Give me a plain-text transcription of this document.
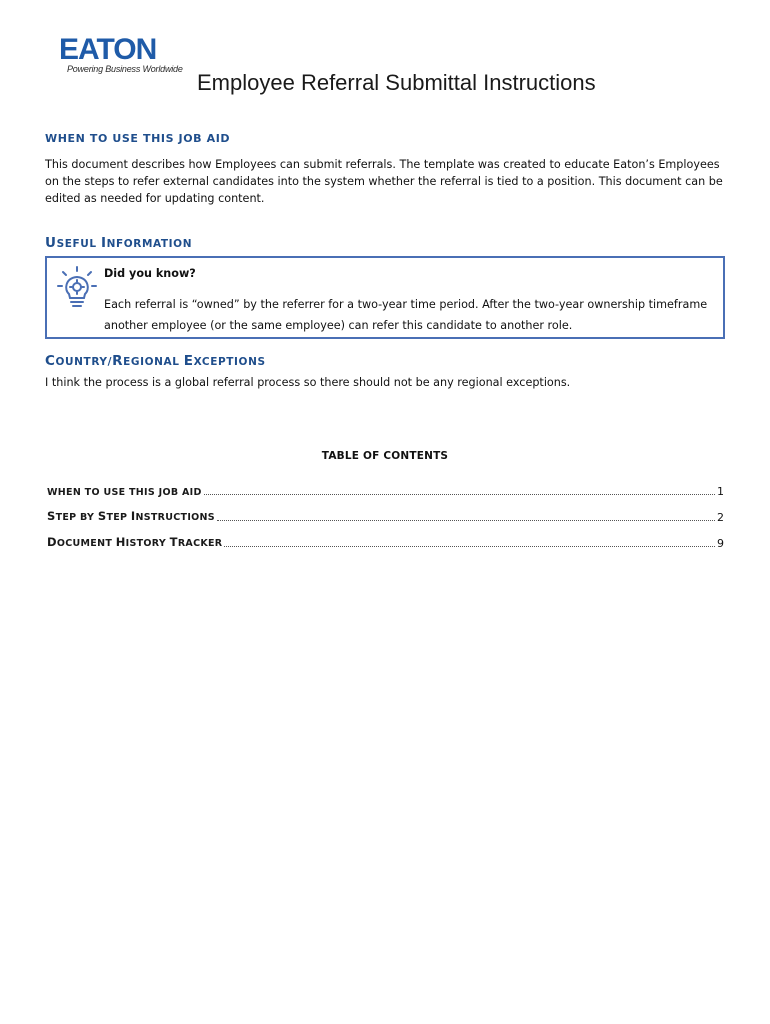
EATON
Powering Business Worldwide
Employee Referral Submittal Instructions
WHEN TO USE THIS JOB AID
This document describes how Employees can submit referrals. The template was created to educate Eaton’s Employees on the steps to refer external candidates into the system whether the referral is tied to a position. This document can be edited as needed for updating content.
USEFUL INFORMATION
Did you know?
Each referral is “owned” by the referrer for a two-year time period. After the two-year ownership timeframe another employee (or the same employee) can refer this candidate to another role.
COUNTRY/REGIONAL EXCEPTIONS
I think the process is a global referral process so there should not be any regional exceptions.
TABLE OF CONTENTS
WHEN TO USE THIS JOB AID	1
STEP BY STEP INSTRUCTIONS	2
DOCUMENT HISTORY TRACKER	9
